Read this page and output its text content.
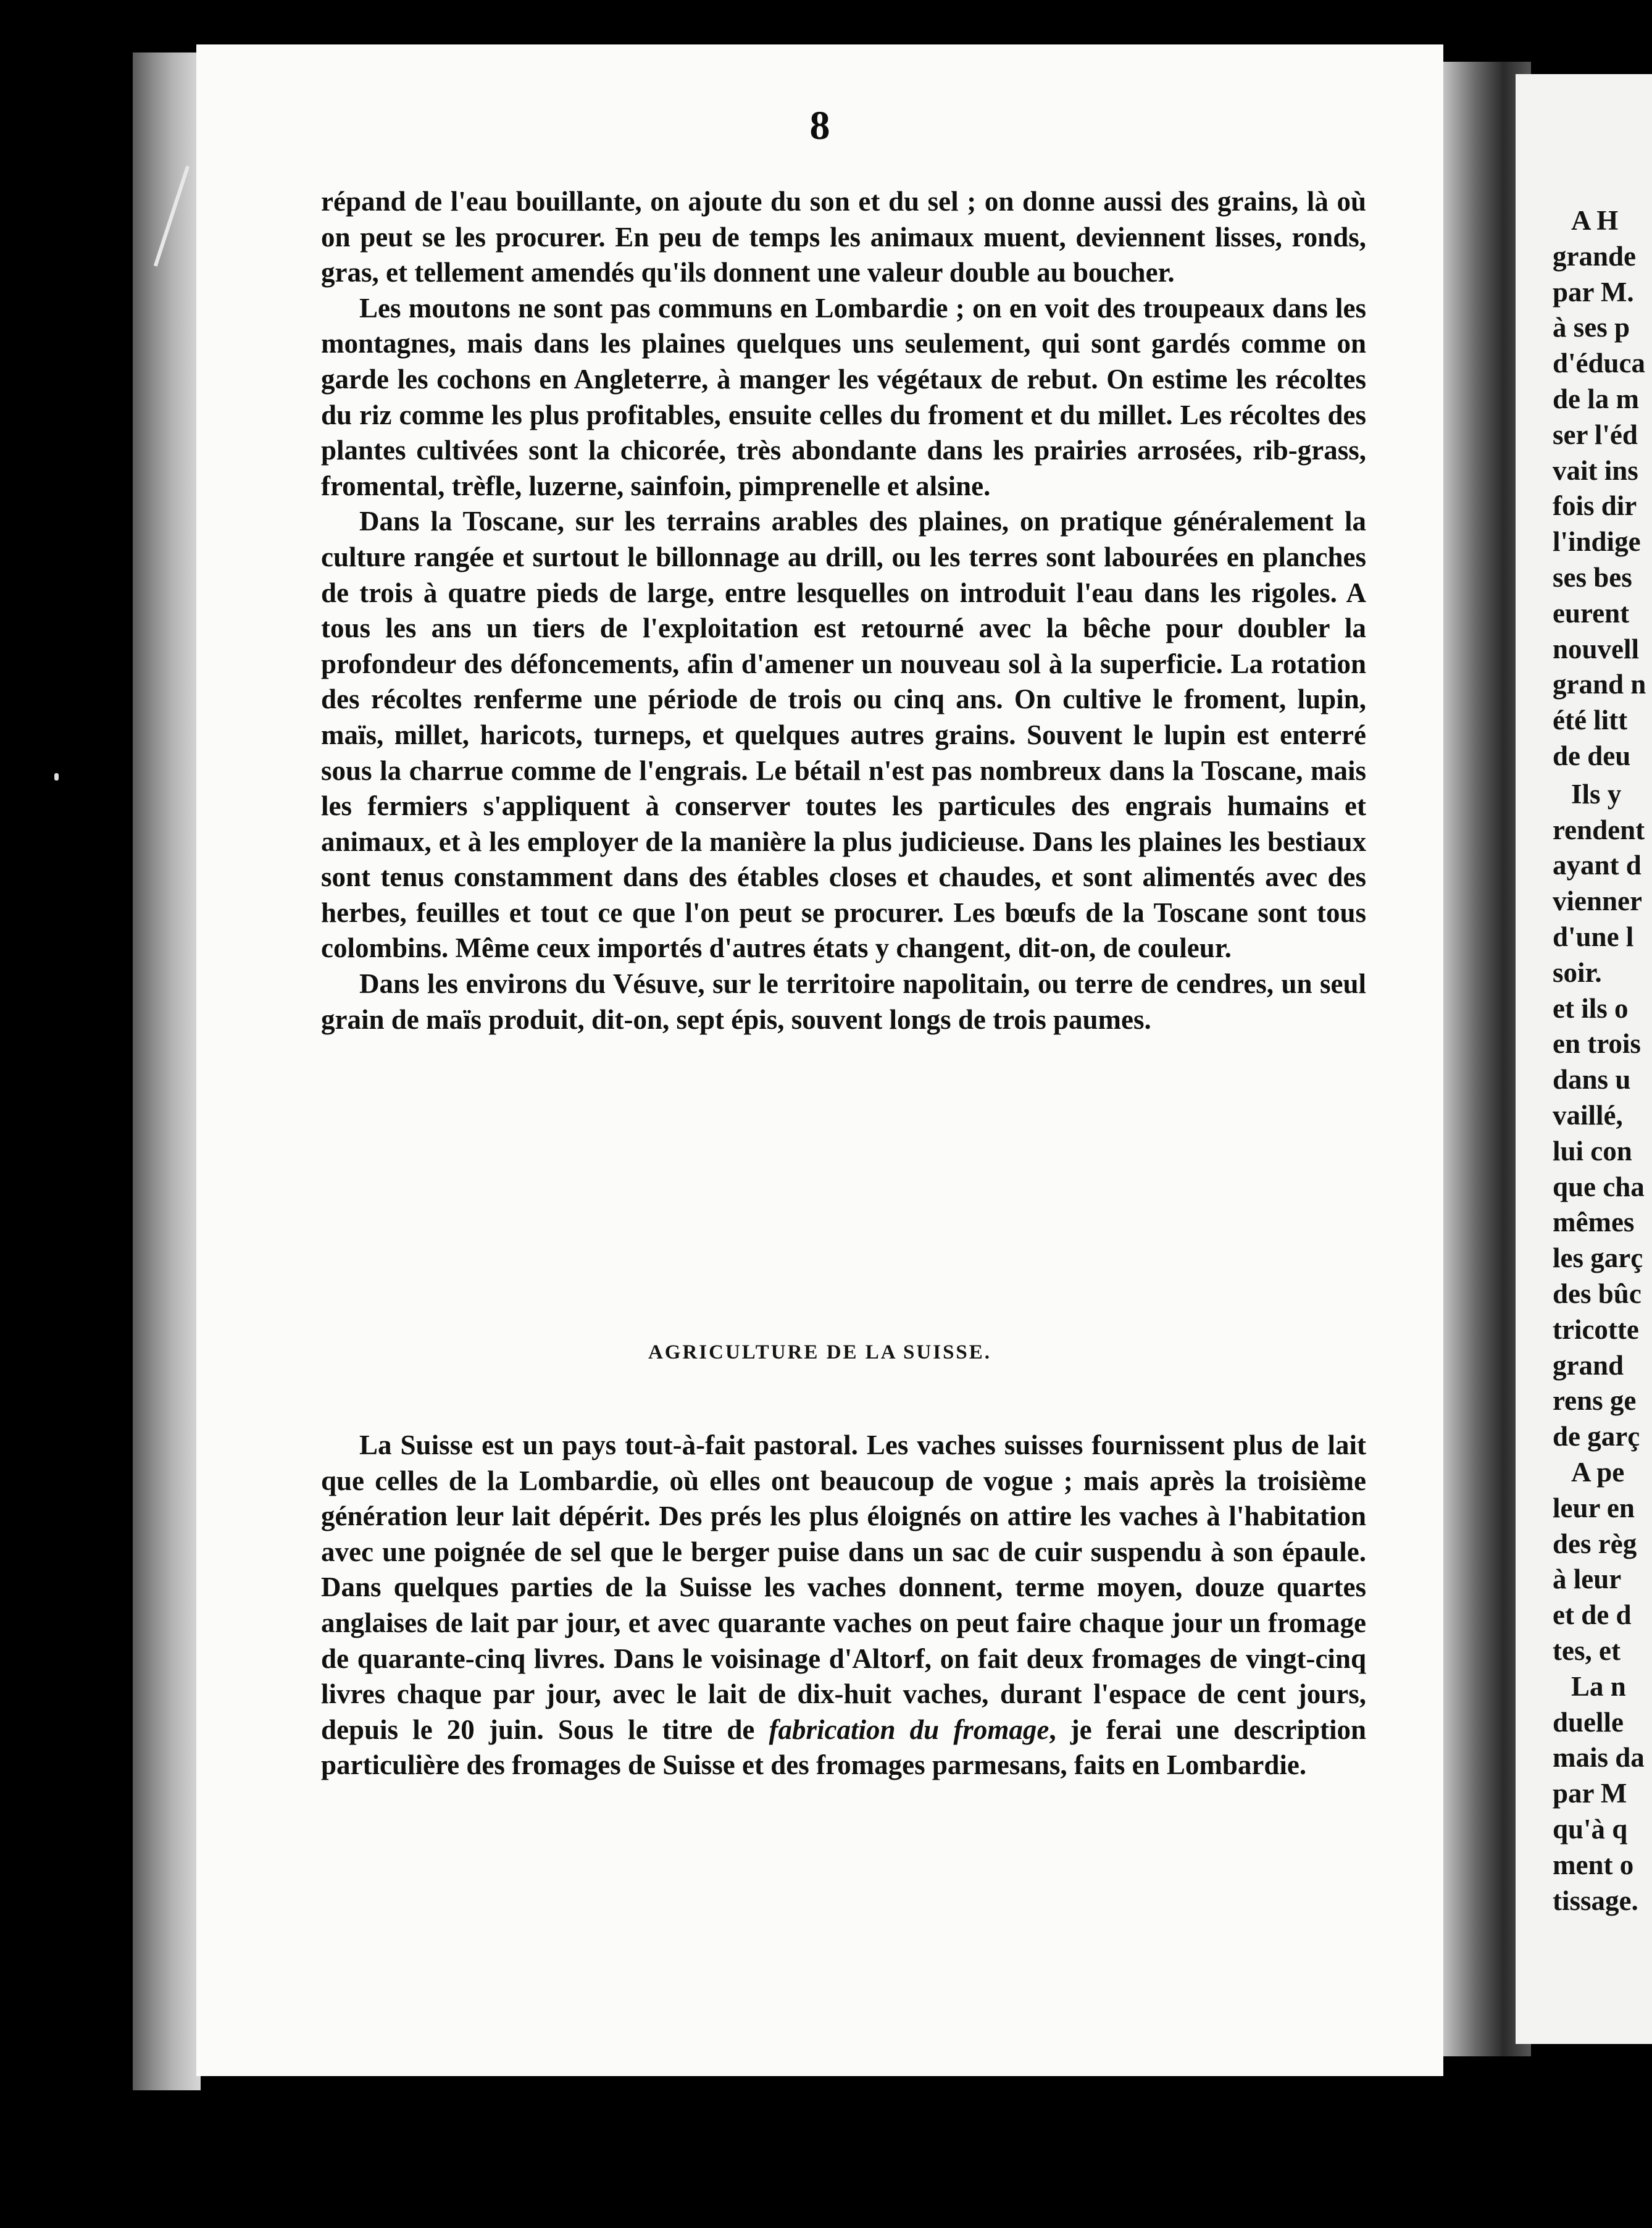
A H
grande
par M.
à ses p
d'éduca
de la m
ser l'éd
vait ins
fois dir
l'indige
ses bes
eurent
nouvell
grand n
été litt
de deu
Ils y
rendent
ayant d
vienner
d'une l
soir.
et ils o
en trois
dans u
vaillé,
lui con
que cha
mêmes
les garç
des bûc
tricotte
grand
rens ge
de garç
A pe
leur en
des règ
à leur
et de d
tes, et
La n
duelle
mais da
par M
qu'à q
ment o
tissage.
8

répand de l'eau bouillante, on ajoute du son et du sel ; on donne aussi des grains, là où on peut se les procurer. En peu de temps les animaux muent, deviennent lisses, ronds, gras, et tellement amendés qu'ils donnent une valeur double au boucher.

Les moutons ne sont pas communs en Lombardie ; on en voit des troupeaux dans les montagnes, mais dans les plaines quelques uns seulement, qui sont gardés comme on garde les cochons en Angleterre, à manger les végétaux de rebut. On estime les récoltes du riz comme les plus profitables, ensuite celles du froment et du millet. Les récoltes des plantes cultivées sont la chicorée, très abondante dans les prairies arrosées, rib-grass, fromental, trèfle, luzerne, sainfoin, pimprenelle et alsine.

Dans la Toscane, sur les terrains arables des plaines, on pratique généralement la culture rangée et surtout le billonnage au drill, ou les terres sont labourées en planches de trois à quatre pieds de large, entre lesquelles on introduit l'eau dans les rigoles. A tous les ans un tiers de l'exploitation est retourné avec la bêche pour doubler la profondeur des défoncements, afin d'amener un nouveau sol à la superficie. La rotation des récoltes renferme une période de trois ou cinq ans. On cultive le froment, lupin, maïs, millet, haricots, turneps, et quelques autres grains. Souvent le lupin est enterré sous la charrue comme de l'engrais. Le bétail n'est pas nombreux dans la Toscane, mais les fermiers s'appliquent à conserver toutes les particules des engrais humains et animaux, et à les employer de la manière la plus judicieuse. Dans les plaines les bestiaux sont tenus constamment dans des étables closes et chaudes, et sont alimentés avec des herbes, feuilles et tout ce que l'on peut se procurer. Les bœufs de la Toscane sont tous colombins. Même ceux importés d'autres états y changent, dit-on, de couleur.

Dans les environs du Vésuve, sur le territoire napolitain, ou terre de cendres, un seul grain de maïs produit, dit-on, sept épis, souvent longs de trois paumes.

AGRICULTURE DE LA SUISSE.

La Suisse est un pays tout-à-fait pastoral. Les vaches suisses fournissent plus de lait que celles de la Lombardie, où elles ont beaucoup de vogue ; mais après la troisième génération leur lait dépérit. Des prés les plus éloignés on attire les vaches à l'habitation avec une poignée de sel que le berger puise dans un sac de cuir suspendu à son épaule. Dans quelques parties de la Suisse les vaches donnent, terme moyen, douze quartes anglaises de lait par jour, et avec quarante vaches on peut faire chaque jour un fromage de quarante-cinq livres. Dans le voisinage d'Altorf, on fait deux fromages de vingt-cinq livres chaque par jour, avec le lait de dix-huit vaches, durant l'espace de cent jours, depuis le 20 juin. Sous le titre de fabrication du fromage, je ferai une description particulière des fromages de Suisse et des fromages parmesans, faits en Lombardie.
